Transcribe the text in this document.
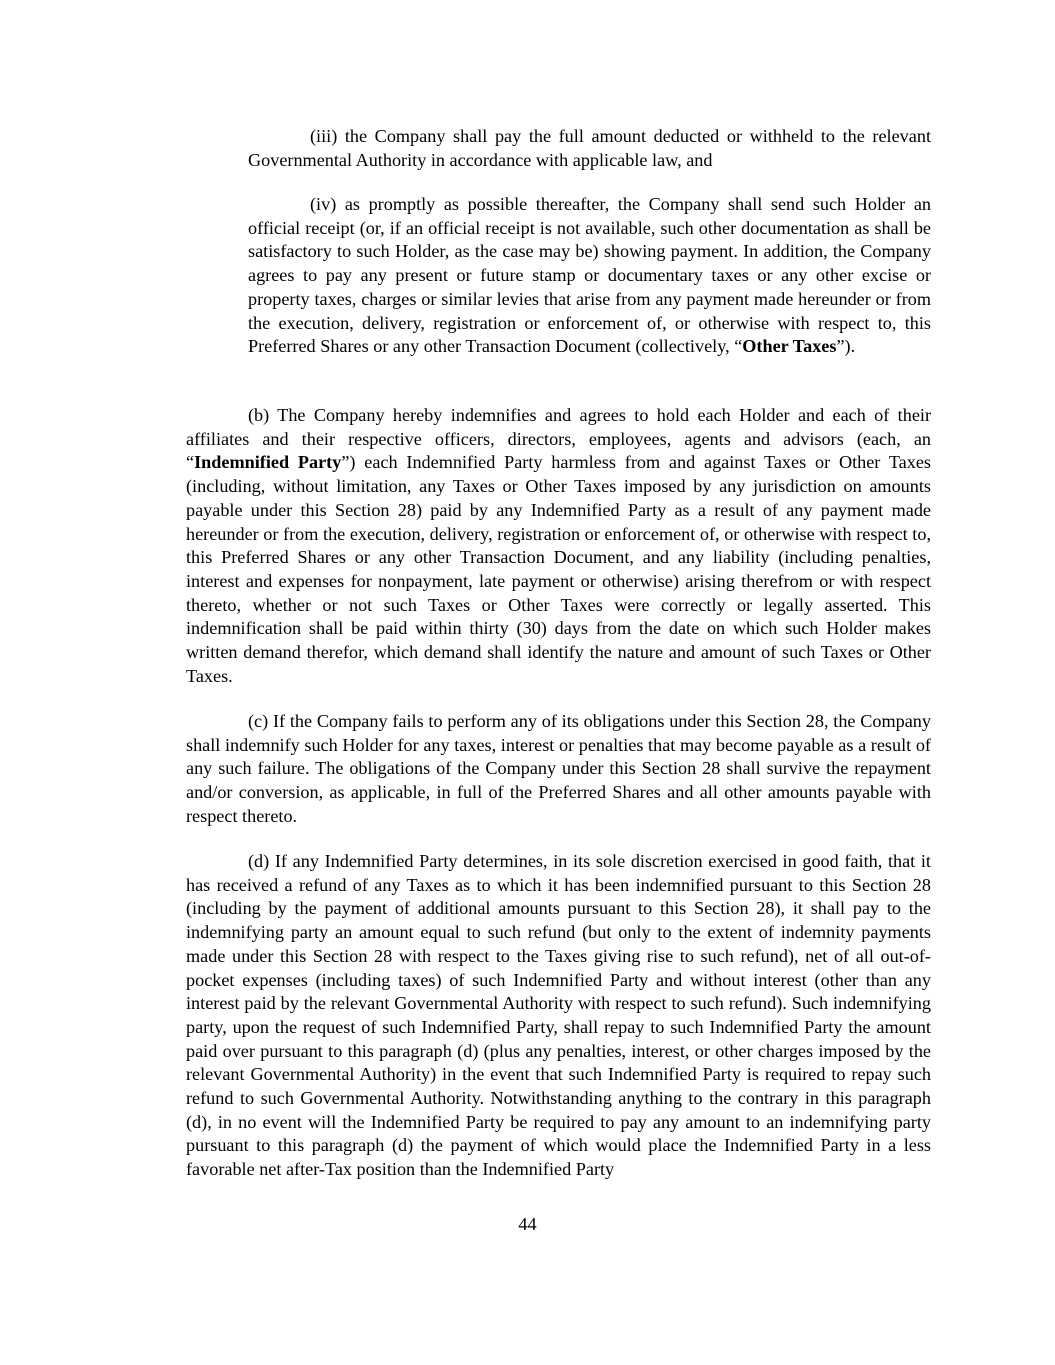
(iii) the Company shall pay the full amount deducted or withheld to the relevant Governmental Authority in accordance with applicable law, and

(iv) as promptly as possible thereafter, the Company shall send such Holder an official receipt (or, if an official receipt is not available, such other documentation as shall be satisfactory to such Holder, as the case may be) showing payment. In addition, the Company agrees to pay any present or future stamp or documentary taxes or any other excise or property taxes, charges or similar levies that arise from any payment made hereunder or from the execution, delivery, registration or enforcement of, or otherwise with respect to, this Preferred Shares or any other Transaction Document (collectively, “Other Taxes”).

(b) The Company hereby indemnifies and agrees to hold each Holder and each of their affiliates and their respective officers, directors, employees, agents and advisors (each, an “Indemnified Party”) each Indemnified Party harmless from and against Taxes or Other Taxes (including, without limitation, any Taxes or Other Taxes imposed by any jurisdiction on amounts payable under this Section 28) paid by any Indemnified Party as a result of any payment made hereunder or from the execution, delivery, registration or enforcement of, or otherwise with respect to, this Preferred Shares or any other Transaction Document, and any liability (including penalties, interest and expenses for nonpayment, late payment or otherwise) arising therefrom or with respect thereto, whether or not such Taxes or Other Taxes were correctly or legally asserted. This indemnification shall be paid within thirty (30) days from the date on which such Holder makes written demand therefor, which demand shall identify the nature and amount of such Taxes or Other Taxes.

(c) If the Company fails to perform any of its obligations under this Section 28, the Company shall indemnify such Holder for any taxes, interest or penalties that may become payable as a result of any such failure. The obligations of the Company under this Section 28 shall survive the repayment and/or conversion, as applicable, in full of the Preferred Shares and all other amounts payable with respect thereto.

(d) If any Indemnified Party determines, in its sole discretion exercised in good faith, that it has received a refund of any Taxes as to which it has been indemnified pursuant to this Section 28 (including by the payment of additional amounts pursuant to this Section 28), it shall pay to the indemnifying party an amount equal to such refund (but only to the extent of indemnity payments made under this Section 28 with respect to the Taxes giving rise to such refund), net of all out-of-pocket expenses (including taxes) of such Indemnified Party and without interest (other than any interest paid by the relevant Governmental Authority with respect to such refund). Such indemnifying party, upon the request of such Indemnified Party, shall repay to such Indemnified Party the amount paid over pursuant to this paragraph (d) (plus any penalties, interest, or other charges imposed by the relevant Governmental Authority) in the event that such Indemnified Party is required to repay such refund to such Governmental Authority. Notwithstanding anything to the contrary in this paragraph (d), in no event will the Indemnified Party be required to pay any amount to an indemnifying party pursuant to this paragraph (d) the payment of which would place the Indemnified Party in a less favorable net after-Tax position than the Indemnified Party

44
